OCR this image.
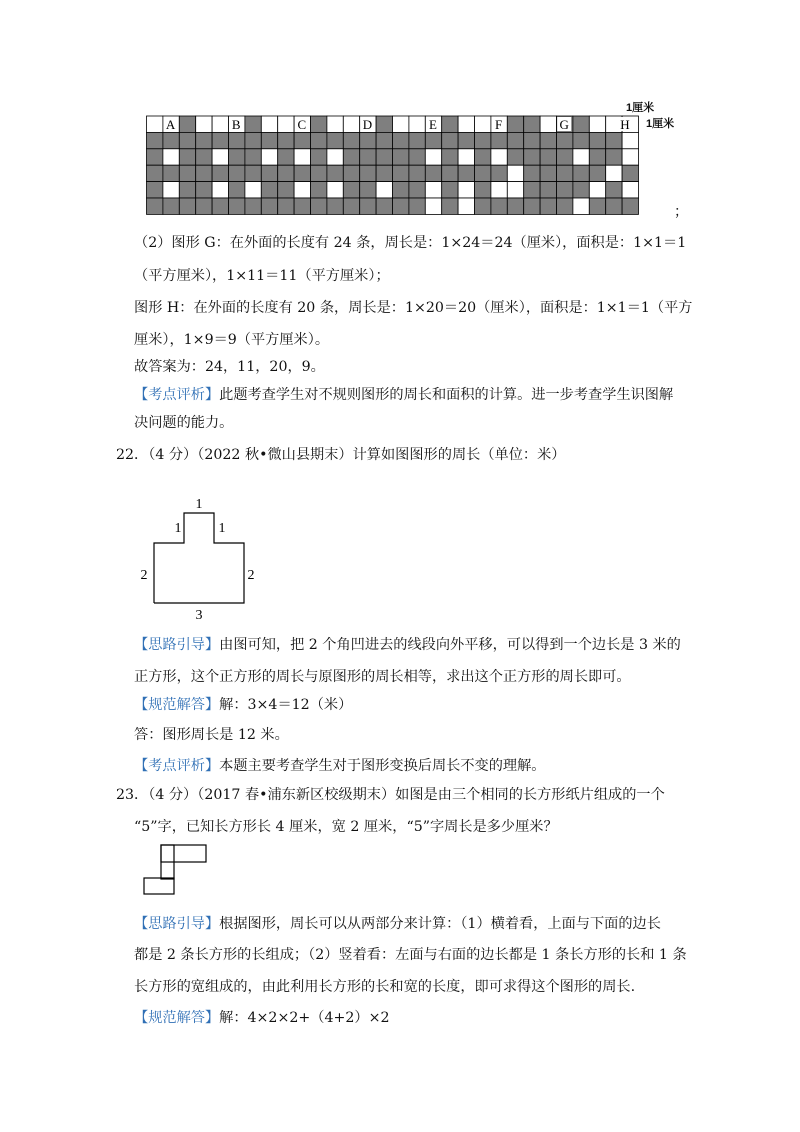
A	B	C	D	E	F	G	H
1厘米
1厘米
；
（2）图形 G：在外面的长度有 24 条，周长是：1×24＝24（厘米），面积是：1×1＝1
（平方厘米），1×11＝11（平方厘米）；
图形 H：在外面的长度有 20 条，周长是：1×20＝20（厘米），面积是：1×1＝1（平方
厘米），1×9＝9（平方厘米）。
故答案为：24，11，20，9。
【考点评析】此题考查学生对不规则图形的周长和面积的计算。进一步考查学生识图解
决问题的能力。
22．（4 分）（2022 秋•微山县期末）计算如图图形的周长（单位：米）
1
1	1
2	2
3
【思路引导】由图可知，把 2 个角凹进去的线段向外平移，可以得到一个边长是 3 米的
正方形，这个正方形的周长与原图形的周长相等，求出这个正方形的周长即可。
【规范解答】解：3×4＝12（米）
答：图形周长是 12 米。
【考点评析】本题主要考查学生对于图形变换后周长不变的理解。
23．（4 分）（2017 春•浦东新区校级期末）如图是由三个相同的长方形纸片组成的一个
“5”字，已知长方形长 4 厘米，宽 2 厘米，“5”字周长是多少厘米？
【思路引导】根据图形，周长可以从两部分来计算：（1）横着看，上面与下面的边长
都是 2 条长方形的长组成；（2）竖着看：左面与右面的边长都是 1 条长方形的长和 1 条
长方形的宽组成的，由此利用长方形的长和宽的长度，即可求得这个图形的周长.
【规范解答】解：4×2×2+（4+2）×2
